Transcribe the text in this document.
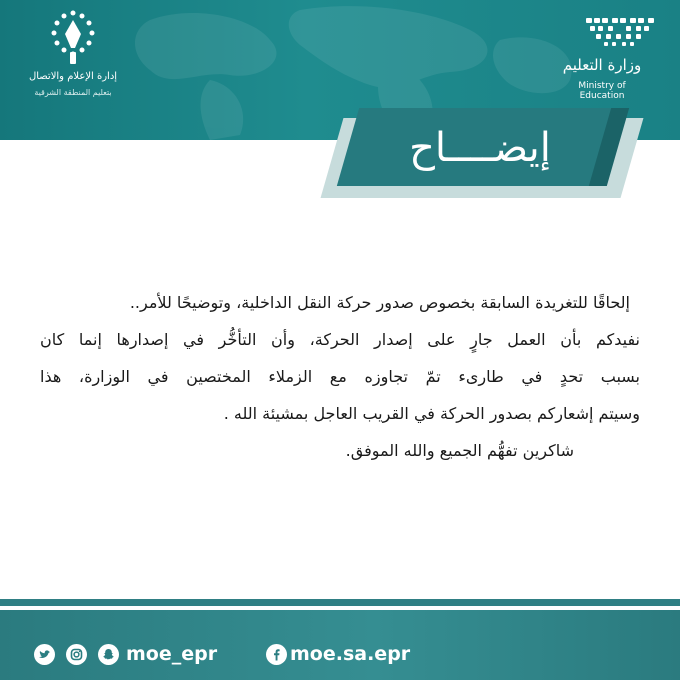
وزارة التعليم
Ministry of Education
إدارة الإعلام والاتصال
بتعليم المنطقة الشرقية
إيضــــاح
إلحاقًا للتغريدة السابقة بخصوص صدور حركة النقل الداخلية، وتوضيحًا للأمر..
نفيدكم بأن العمل جارٍ على إصدار الحركة، وأن التأخُّر في إصدارها إنما كان
بسبب تحدٍ في طارىء تمّ تجاوزه مع الزملاء المختصين في الوزارة، هذا
وسيتم إشعاركم بصدور الحركة في القريب العاجل بمشيئة الله .
شاكرين تفهُّم الجميع والله الموفق.
moe_epr	moe.sa.epr
